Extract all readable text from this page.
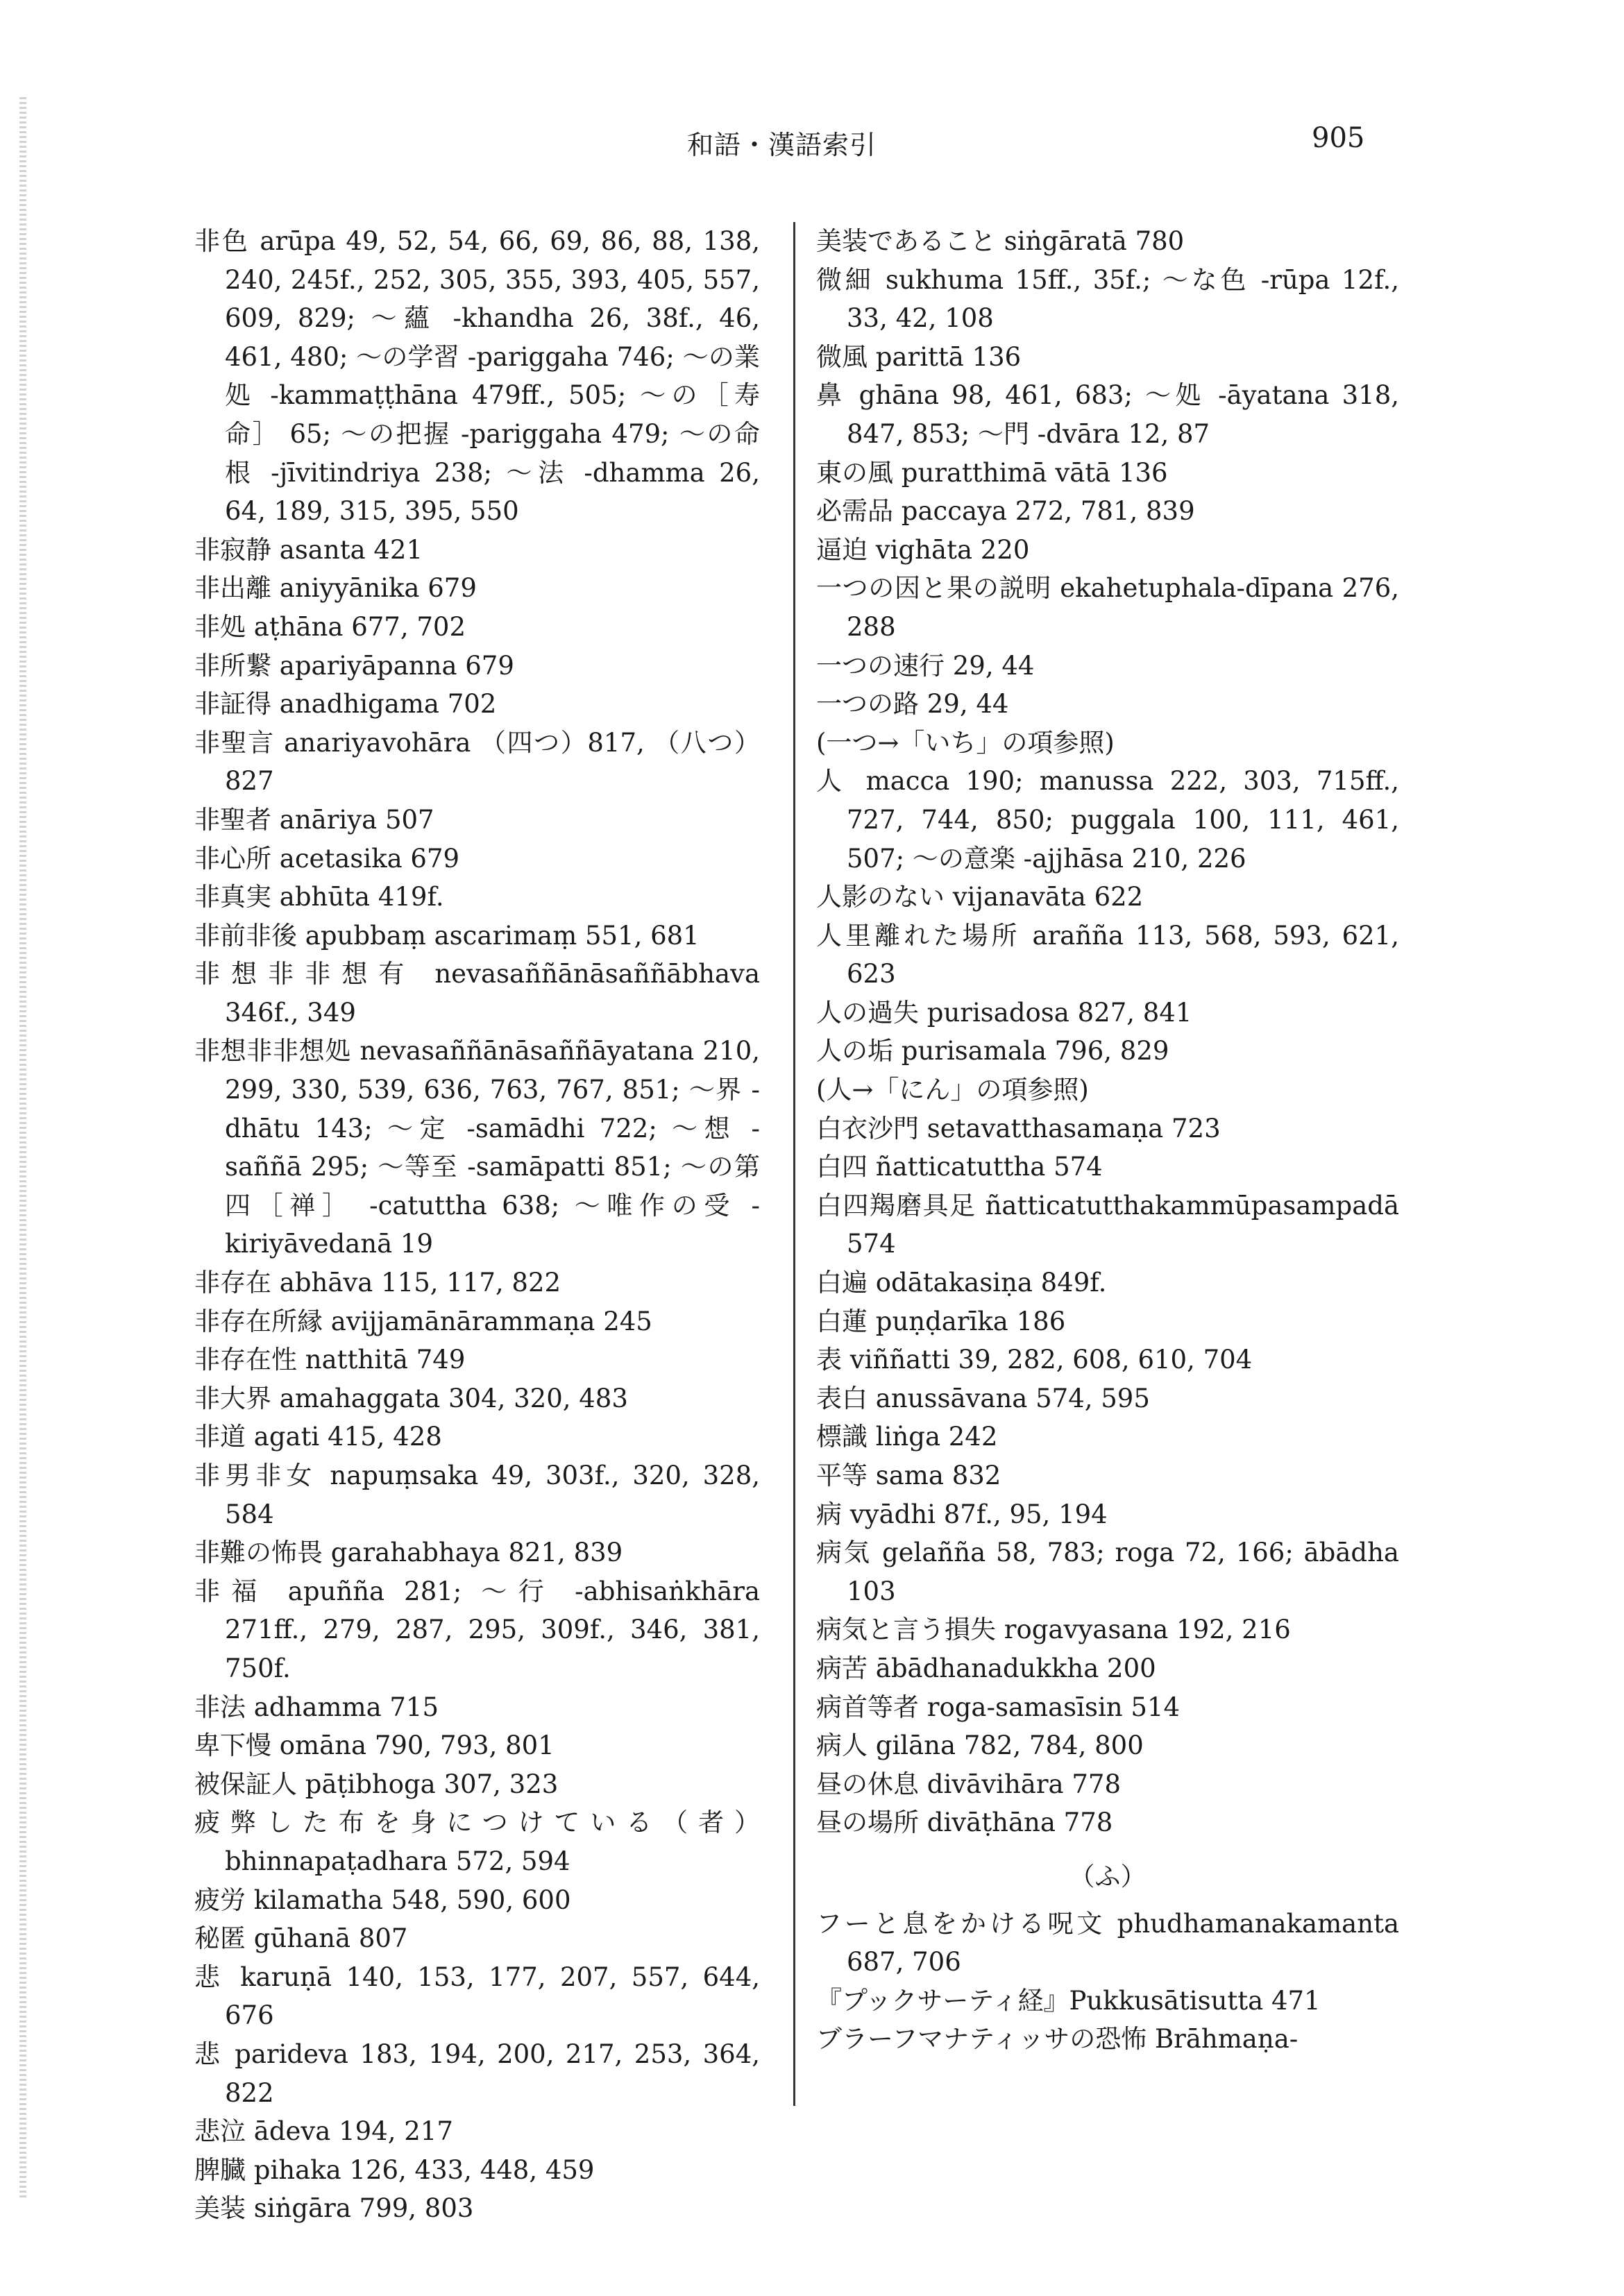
和語・漢語索引	905
非色 arūpa 49, 52, 54, 66, 69, 86, 88, 138, 240, 245f., 252, 305, 355, 393, 405, 557, 609, 829; ～蘊 -khandha 26, 38f., 46, 461, 480; ～の学習 -pariggaha 746; ～の業処 -kammaṭṭhāna 479ff., 505; ～の［寿命］ 65; ～の把握 -pariggaha 479; ～の命根 -jīvitindriya 238; ～法 -dhamma 26, 64, 189, 315, 395, 550
非寂静 asanta 421
非出離 aniyyānika 679
非処 aṭhāna 677, 702
非所繋 apariyāpanna 679
非証得 anadhigama 702
非聖言 anariyavohāra （四つ）817, （八つ）827
非聖者 anāriya 507
非心所 acetasika 679
非真実 abhūta 419f.
非前非後 apubbaṃ ascarimaṃ 551, 681
非想非非想有 nevasaññānāsaññābhava 346f., 349
非想非非想処 nevasaññānāsaññāyatana 210, 299, 330, 539, 636, 763, 767, 851; ～界 -dhātu 143; ～定 -samādhi 722; ～想 -saññā 295; ～等至 -samāpatti 851; ～の第四［禅］ -catuttha 638; ～唯作の受 -kiriyāvedanā 19
非存在 abhāva 115, 117, 822
非存在所縁 avijjamānārammaṇa 245
非存在性 natthitā 749
非大界 amahaggata 304, 320, 483
非道 agati 415, 428
非男非女 napuṃsaka 49, 303f., 320, 328, 584
非難の怖畏 garahabhaya 821, 839
非福 apuñña 281; ～行 -abhisaṅkhāra 271ff., 279, 287, 295, 309f., 346, 381, 750f.
非法 adhamma 715
卑下慢 omāna 790, 793, 801
被保証人 pāṭibhoga 307, 323
疲弊した布を身につけている（者） bhinnapaṭadhara 572, 594
疲労 kilamatha 548, 590, 600
秘匿 gūhanā 807
悲 karuṇā 140, 153, 177, 207, 557, 644, 676
悲 parideva 183, 194, 200, 217, 253, 364, 822
悲泣 ādeva 194, 217
脾臓 pihaka 126, 433, 448, 459
美装 siṅgāra 799, 803
美装であること siṅgāratā 780
微細 sukhuma 15ff., 35f.; ～な色 -rūpa 12f., 33, 42, 108
微風 parittā 136
鼻 ghāna 98, 461, 683; ～処 -āyatana 318, 847, 853; ～門 -dvāra 12, 87
東の風 puratthimā vātā 136
必需品 paccaya 272, 781, 839
逼迫 vighāta 220
一つの因と果の説明 ekahetuphala-dīpana 276, 288
一つの速行 29, 44
一つの路 29, 44
(一つ→「いち」の項参照)
人 macca 190; manussa 222, 303, 715ff., 727, 744, 850; puggala 100, 111, 461, 507; ～の意楽 -ajjhāsa 210, 226
人影のない vijanavāta 622
人里離れた場所 arañña 113, 568, 593, 621, 623
人の過失 purisadosa 827, 841
人の垢 purisamala 796, 829
(人→「にん」の項参照)
白衣沙門 setavatthasamaṇa 723
白四 ñatticatuttha 574
白四羯磨具足 ñatticatutthakammūpasampadā 574
白遍 odātakasiṇa 849f.
白蓮 puṇḍarīka 186
表 viññatti 39, 282, 608, 610, 704
表白 anussāvana 574, 595
標識 liṅga 242
平等 sama 832
病 vyādhi 87f., 95, 194
病気 gelañña 58, 783; roga 72, 166; ābādha 103
病気と言う損失 rogavyasana 192, 216
病苦 ābādhanadukkha 200
病首等者 roga-samasīsin 514
病人 gilāna 782, 784, 800
昼の休息 divāvihāra 778
昼の場所 divāṭhāna 778
（ふ）
フーと息をかける呪文 phudhamanakamanta 687, 706
『プックサーティ経』Pukkusātisutta 471
ブラーフマナティッサの恐怖 Brāhmaṇa-
